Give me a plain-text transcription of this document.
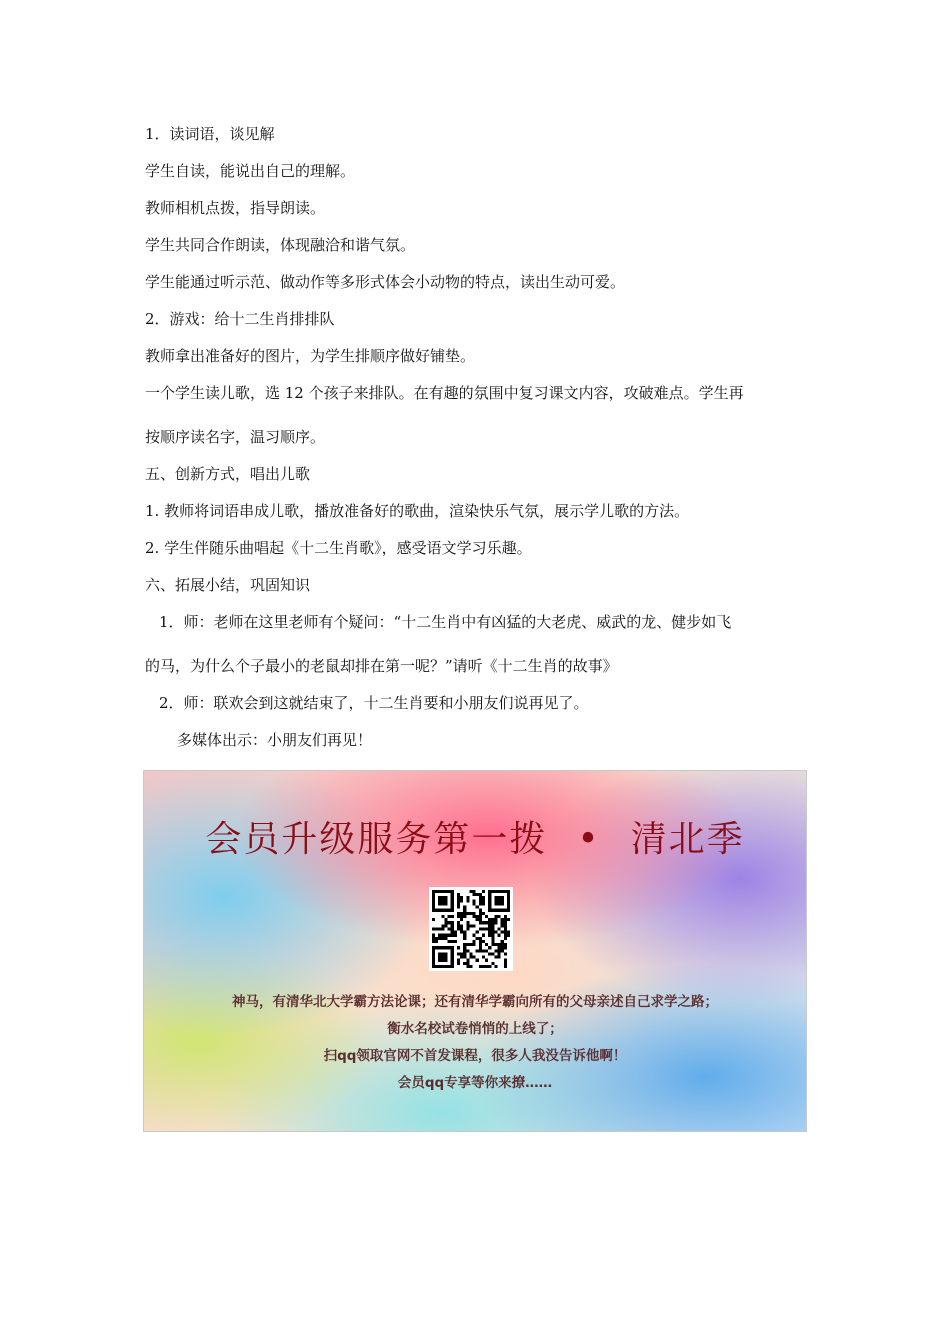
1．读词语，谈见解

学生自读，能说出自己的理解。

教师相机点拨，指导朗读。

学生共同合作朗读，体现融洽和谐气氛。

学生能通过听示范、做动作等多形式体会小动物的特点，读出生动可爱。

2．游戏：给十二生肖排排队

教师拿出准备好的图片，为学生排顺序做好铺垫。

一个学生读儿歌，选 12 个孩子来排队。在有趣的氛围中复习课文内容，攻破难点。学生再

按顺序读名字，温习顺序。

五、创新方式，唱出儿歌

1. 教师将词语串成儿歌，播放准备好的歌曲，渲染快乐气氛，展示学儿歌的方法。

2. 学生伴随乐曲唱起《十二生肖歌》，感受语文学习乐趣。

六、拓展小结，巩固知识

1．师：老师在这里老师有个疑问：“十二生肖中有凶猛的大老虎、威武的龙、健步如飞

的马，为什么个子最小的老鼠却排在第一呢？”请听《十二生肖的故事》

2．师：联欢会到这就结束了，十二生肖要和小朋友们说再见了。

多媒体出示：小朋友们再见！

会员升级服务第一拨 • 清北季
神马，有清华北大学霸方法论课；还有清华学霸向所有的父母亲述自己求学之路；
衡水名校试卷悄悄的上线了；
扫qq领取官网不首发课程，很多人我没告诉他啊！
会员qq专享等你来撩……
